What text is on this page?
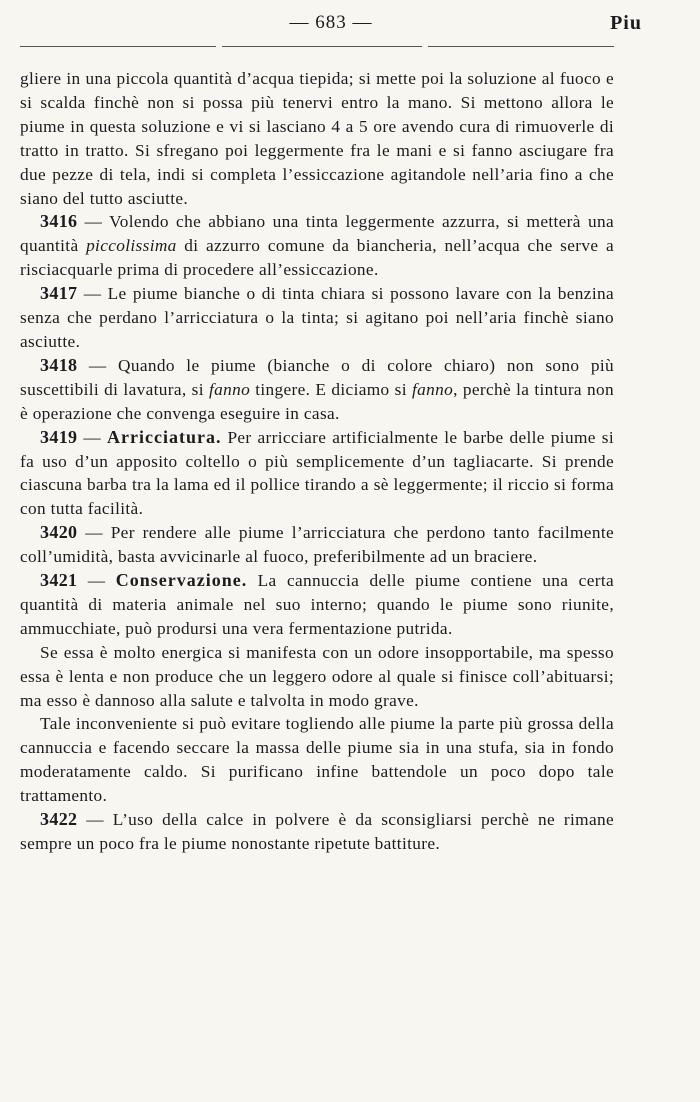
— 683 —	Piu

gliere in una piccola quantità d’acqua tiepida; si mette poi la soluzione al fuoco e si scalda finchè non si possa più tenervi entro la mano. Si mettono allora le piume in questa soluzione e vi si lasciano 4 a 5 ore avendo cura di rimuoverle di tratto in tratto. Si sfregano poi leggermente fra le mani e si fanno asciugare fra due pezze di tela, indi si completa l’essiccazione agitandole nell’aria fino a che siano del tutto asciutte.

3416 — Volendo che abbiano una tinta leggermente azzurra, si metterà una quantità piccolissima di azzurro comune da biancheria, nell’acqua che serve a risciacquarle prima di procedere all’essiccazione.

3417 — Le piume bianche o di tinta chiara si possono lavare con la benzina senza che perdano l’arricciatura o la tinta; si agitano poi nell’aria finchè siano asciutte.

3418 — Quando le piume (bianche o di colore chiaro) non sono più suscettibili di lavatura, si fanno tingere. E diciamo si fanno, perchè la tintura non è operazione che convenga eseguire in casa.

3419 — Arricciatura. Per arricciare artificialmente le barbe delle piume si fa uso d’un apposito coltello o più semplicemente d’un tagliacarte. Si prende ciascuna barba tra la lama ed il pollice tirando a sè leggermente; il riccio si forma con tutta facilità.

3420 — Per rendere alle piume l’arricciatura che perdono tanto facilmente coll’umidità, basta avvicinarle al fuoco, preferibilmente ad un braciere.

3421 — Conservazione. La cannuccia delle piume contiene una certa quantità di materia animale nel suo interno; quando le piume sono riunite, ammucchiate, può prodursi una vera fermentazione putrida.

Se essa è molto energica si manifesta con un odore insopportabile, ma spesso essa è lenta e non produce che un leggero odore al quale si finisce coll’abituarsi; ma esso è dannoso alla salute e talvolta in modo grave.

Tale inconveniente si può evitare togliendo alle piume la parte più grossa della cannuccia e facendo seccare la massa delle piume sia in una stufa, sia in fondo moderatamente caldo. Si purificano infine battendole un poco dopo tale trattamento.

3422 — L’uso della calce in polvere è da sconsigliarsi perchè ne rimane sempre un poco fra le piume nonostante ripetute battiture.
